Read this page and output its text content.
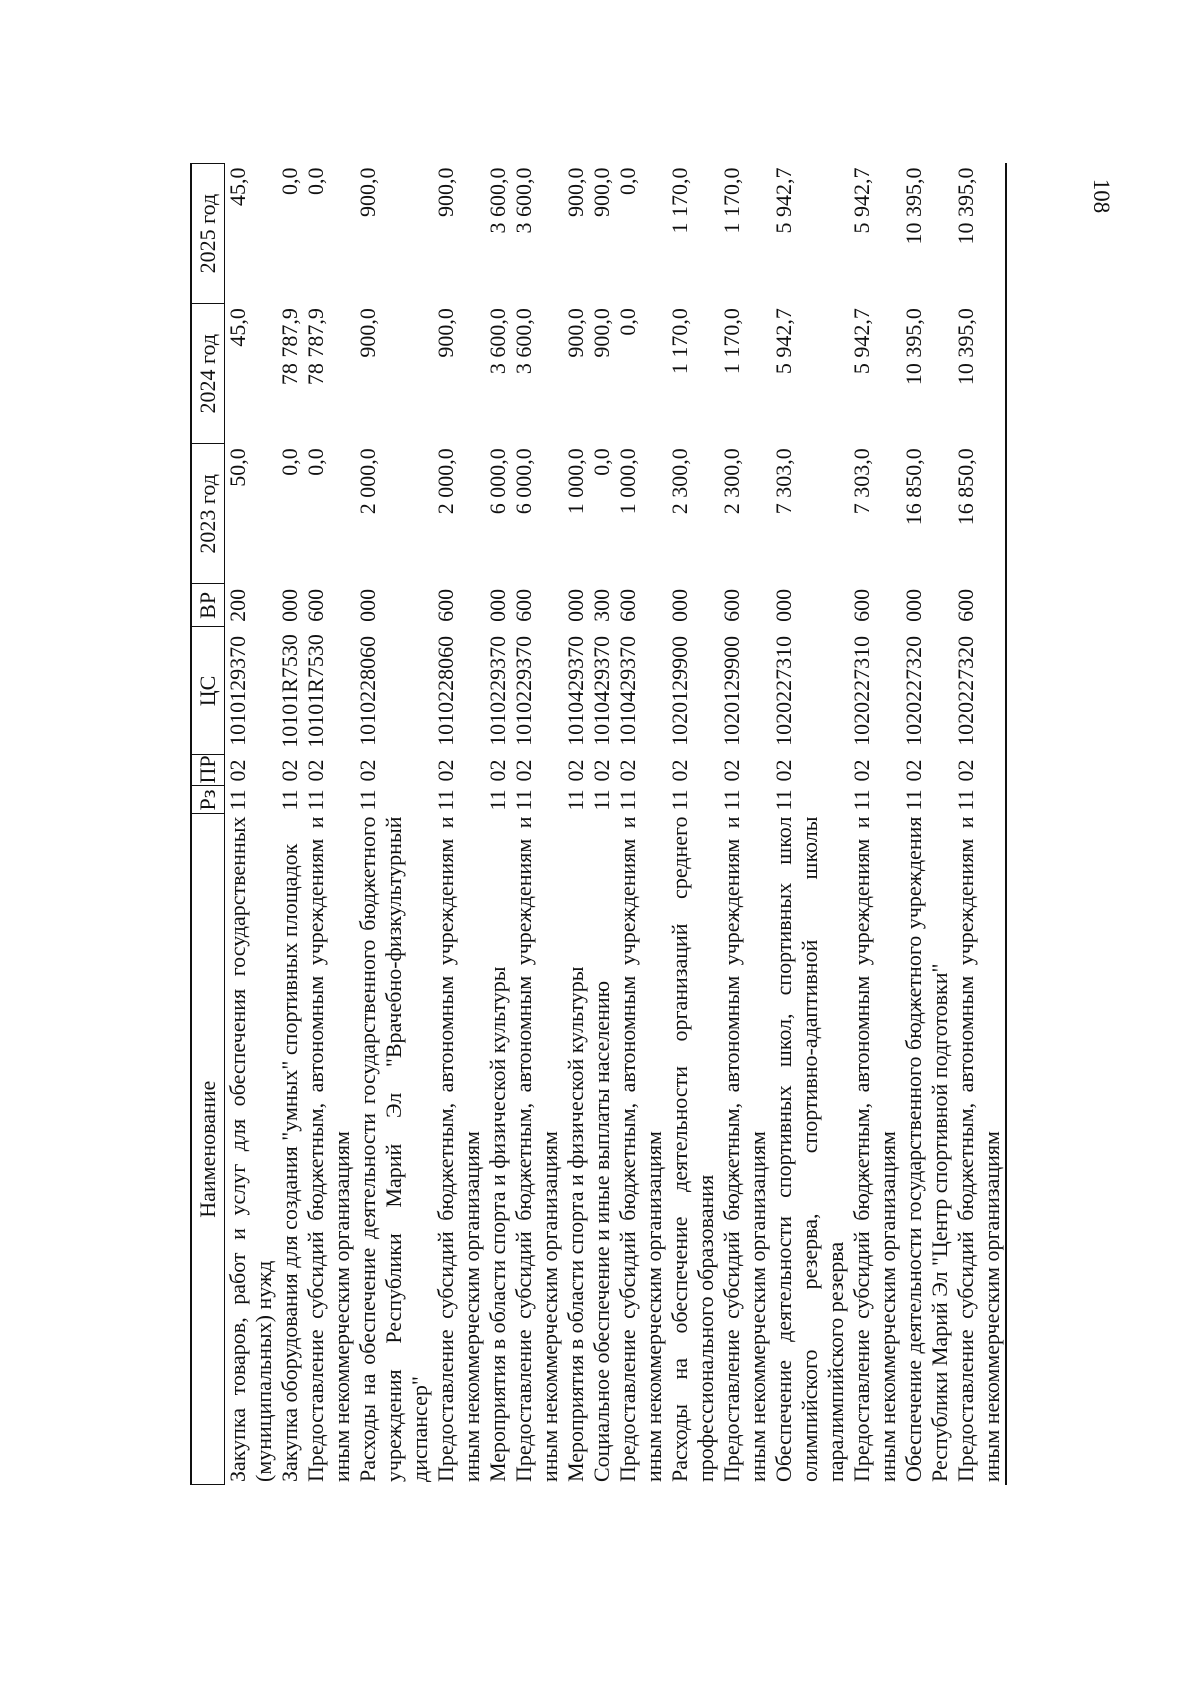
108
Наименование	Рз	ПР	ЦС	ВР	2023 год	2024 год	2025 год
Закупка товаров, работ и услуг для обеспечения государственных (муниципальных) нужд	11	02	1010129370	200	50,0	45,0	45,0
Закупка оборудования для создания "умных" спортивных площадок	11	02	10101R7530	000	0,0	78 787,9	0,0
Предоставление субсидий бюджетным, автономным учреждениям и иным некоммерческим организациям	11	02	10101R7530	600	0,0	78 787,9	0,0
Расходы на обеспечение деятельности государственного бюджетного учреждения Республики Марий Эл "Врачебно-физкультурный диспансер"	11	02	1010228060	000	2 000,0	900,0	900,0
Предоставление субсидий бюджетным, автономным учреждениям и иным некоммерческим организациям	11	02	1010228060	600	2 000,0	900,0	900,0
Мероприятия в области спорта и физической культуры	11	02	1010229370	000	6 000,0	3 600,0	3 600,0
Предоставление субсидий бюджетным, автономным учреждениям и иным некоммерческим организациям	11	02	1010229370	600	6 000,0	3 600,0	3 600,0
Мероприятия в области спорта и физической культуры	11	02	1010429370	000	1 000,0	900,0	900,0
Социальное обеспечение и иные выплаты населению	11	02	1010429370	300	0,0	900,0	900,0
Предоставление субсидий бюджетным, автономным учреждениям и иным некоммерческим организациям	11	02	1010429370	600	1 000,0	0,0	0,0
Расходы на обеспечение деятельности организаций среднего профессионального образования	11	02	1020129900	000	2 300,0	1 170,0	1 170,0
Предоставление субсидий бюджетным, автономным учреждениям и иным некоммерческим организациям	11	02	1020129900	600	2 300,0	1 170,0	1 170,0
Обеспечение деятельности спортивных школ, спортивных школ олимпийского резерва, спортивно-адаптивной школы паралимпийского резерва	11	02	1020227310	000	7 303,0	5 942,7	5 942,7
Предоставление субсидий бюджетным, автономным учреждениям и иным некоммерческим организациям	11	02	1020227310	600	7 303,0	5 942,7	5 942,7
Обеспечение деятельности государственного бюджетного учреждения Республики Марий Эл "Центр спортивной подготовки"	11	02	1020227320	000	16 850,0	10 395,0	10 395,0
Предоставление субсидий бюджетным, автономным учреждениям и иным некоммерческим организациям	11	02	1020227320	600	16 850,0	10 395,0	10 395,0
